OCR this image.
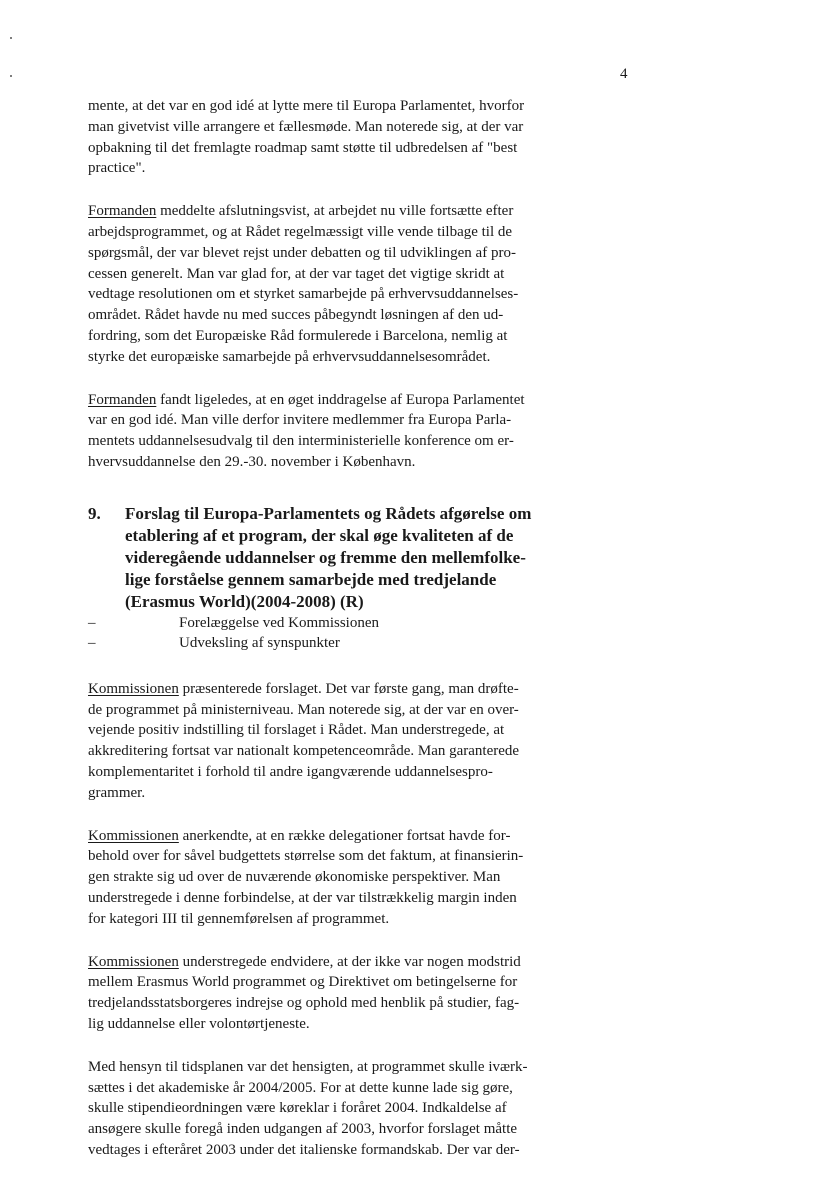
4
mente, at det var en god idé at lytte mere til Europa Parlamentet, hvorfor
man givetvist ville arrangere et fællesmøde. Man noterede sig, at der var
opbakning til det fremlagte roadmap samt støtte til udbredelsen af "best
practice".
Formanden meddelte afslutningsvist, at arbejdet nu ville fortsætte efter
arbejdsprogrammet, og at Rådet regelmæssigt ville vende tilbage til de
spørgsmål, der var blevet rejst under debatten og til udviklingen af pro-
cessen generelt. Man var glad for, at der var taget det vigtige skridt at
vedtage resolutionen om et styrket samarbejde på erhvervsuddannelses-
området. Rådet havde nu med succes påbegyndt løsningen af den ud-
fordring, som det Europæiske Råd formulerede i Barcelona, nemlig at
styrke det europæiske samarbejde på erhvervsuddannelsesområdet.
Formanden fandt ligeledes, at en øget inddragelse af Europa Parlamentet
var en god idé. Man ville derfor invitere medlemmer fra Europa Parla-
mentets uddannelsesudvalg til den interministerielle konference om er-
hvervsuddannelse den 29.-30. november i København.
9. Forslag til Europa-Parlamentets og Rådets afgørelse om
etablering af et program, der skal øge kvaliteten af de
videregående uddannelser og fremme den mellemfolke-
lige forståelse gennem samarbejde med tredjelande
(Erasmus World)(2004-2008) (R)
–	Forelæggelse ved Kommissionen
–	Udveksling af synspunkter
Kommissionen præsenterede forslaget. Det var første gang, man drøfte-
de programmet på ministerniveau. Man noterede sig, at der var en over-
vejende positiv indstilling til forslaget i Rådet. Man understregede, at
akkreditering fortsat var nationalt kompetenceområde. Man garanterede
komplementaritet i forhold til andre igangværende uddannelsespro-
grammer.
Kommissionen anerkendte, at en række delegationer fortsat havde for-
behold over for såvel budgettets størrelse som det faktum, at finansierin-
gen strakte sig ud over de nuværende økonomiske perspektiver. Man
understregede i denne forbindelse, at der var tilstrækkelig margin inden
for kategori III til gennemførelsen af programmet.
Kommissionen understregede endvidere, at der ikke var nogen modstrid
mellem Erasmus World programmet og Direktivet om betingelserne for
tredjelandsstatsborgeres indrejse og ophold med henblik på studier, fag-
lig uddannelse eller volontørtjeneste.
Med hensyn til tidsplanen var det hensigten, at programmet skulle iværk-
sættes i det akademiske år 2004/2005. For at dette kunne lade sig gøre,
skulle stipendieordningen være køreklar i foråret 2004. Indkaldelse af
ansøgere skulle foregå inden udgangen af 2003, hvorfor forslaget måtte
vedtages i efteråret 2003 under det italienske formandskab. Der var der-
